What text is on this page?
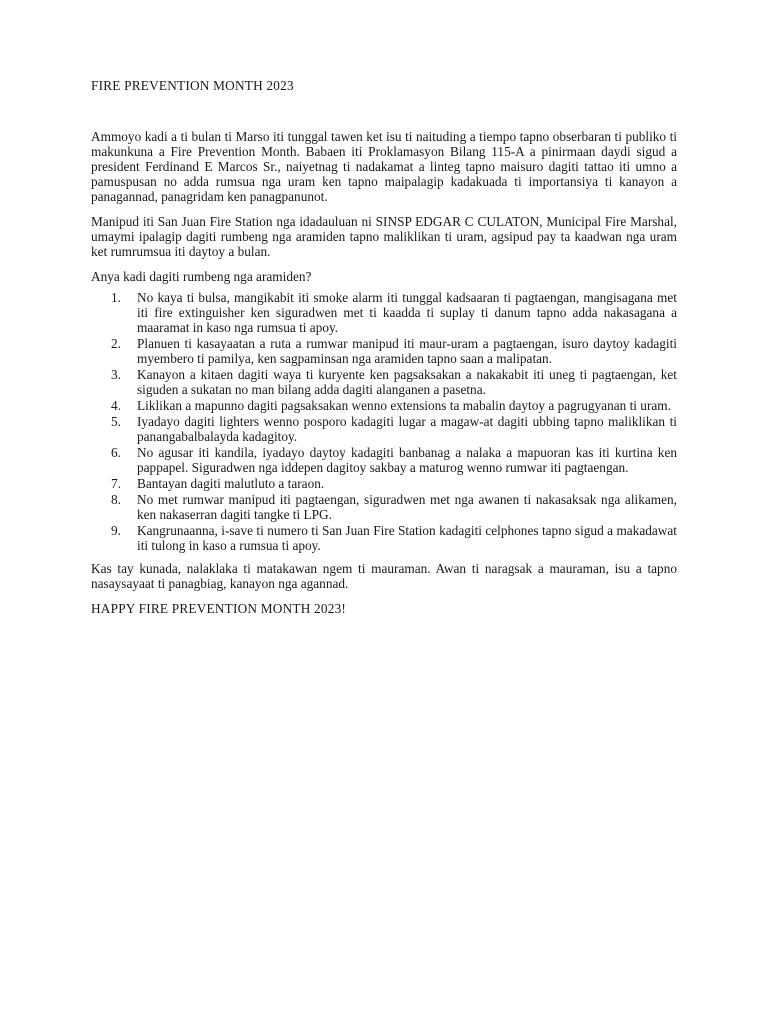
FIRE PREVENTION MONTH 2023

Ammoyo kadi a ti bulan ti Marso iti tunggal tawen ket isu ti naituding a tiempo tapno obserbaran ti publiko ti makunkuna a Fire Prevention Month. Babaen iti Proklamasyon Bilang 115-A a pinirmaan daydi sigud a president Ferdinand E Marcos Sr., naiyetnag ti nadakamat a linteg tapno maisuro dagiti tattao iti umno a pamuspusan no adda rumsua nga uram ken tapno maipalagip kadakuada ti importansiya ti kanayon a panagannad, panagridam ken panagpanunot.

Manipud iti San Juan Fire Station nga idadauluan ni SINSP EDGAR C CULATON, Municipal Fire Marshal, umaymi ipalagip dagiti rumbeng nga aramiden tapno maliklikan ti uram, agsipud pay ta kaadwan nga uram ket rumrumsua iti daytoy a bulan.

Anya kadi dagiti rumbeng nga aramiden?
1. No kaya ti bulsa, mangikabit iti smoke alarm iti tunggal kadsaaran ti pagtaengan, mangisagana met iti fire extinguisher ken siguradwen met ti kaadda ti suplay ti danum tapno adda nakasagana a maaramat in kaso nga rumsua ti apoy.
2. Planuen ti kasayaatan a ruta a rumwar manipud iti maur-uram a pagtaengan, isuro daytoy kadagiti myembero ti pamilya, ken sagpaminsan nga aramiden tapno saan a malipatan.
3. Kanayon a kitaen dagiti waya ti kuryente ken pagsaksakan a nakakabit iti uneg ti pagtaengan, ket siguden a sukatan no man bilang adda dagiti alanganen a pasetna.
4. Liklikan a mapunno dagiti pagsaksakan wenno extensions ta mabalin daytoy a pagrugyanan ti uram.
5. Iyadayo dagiti lighters wenno posporo kadagiti lugar a magaw-at dagiti ubbing tapno maliklikan ti panangabalbalayda kadagitoy.
6. No agusar iti kandila, iyadayo daytoy kadagiti banbanag a nalaka a mapuoran kas iti kurtina ken pappapel. Siguradwen nga iddepen dagitoy sakbay a maturog wenno rumwar iti pagtaengan.
7. Bantayan dagiti malutluto a taraon.
8. No met rumwar manipud iti pagtaengan, siguradwen met nga awanen ti nakasaksak nga alikamen, ken nakaserran dagiti tangke ti LPG.
9. Kangrunaanna, i-save ti numero ti San Juan Fire Station kadagiti celphones tapno sigud a makadawat iti tulong in kaso a rumsua ti apoy.

Kas tay kunada, nalaklaka ti matakawan ngem ti mauraman. Awan ti naragsak a mauraman, isu a tapno nasaysayaat ti panagbiag, kanayon nga agannad.

HAPPY FIRE PREVENTION MONTH 2023!
